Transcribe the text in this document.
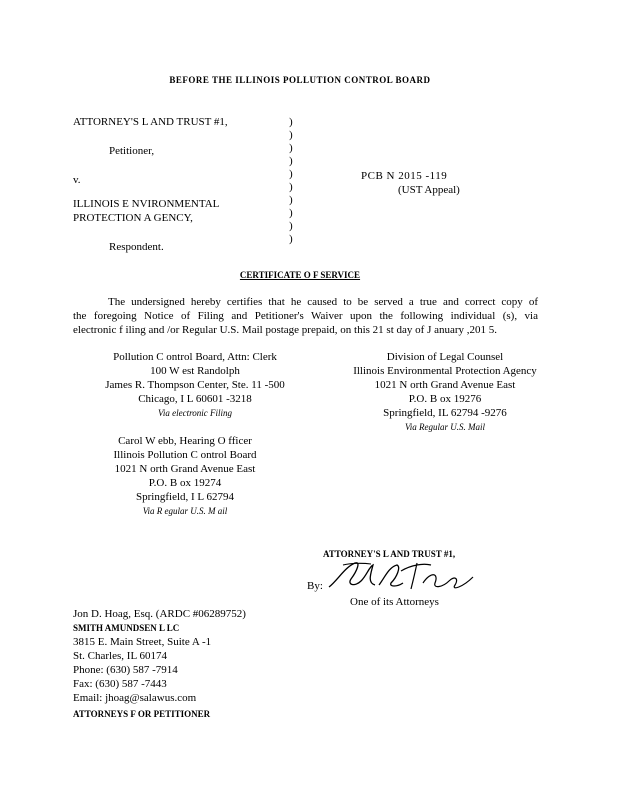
BEFORE THE ILLINOIS POLLUTION CONTROL BOARD
ATTORNEY'S L AND TRUST #1,
Petitioner,
v.
ILLINOIS E NVIRONMENTAL
PROTECTION A GENCY,
Respondent.
)
)
)
)
)
)
)
)
)
)
PCB N 2015 -119
(UST Appeal)
CERTIFICATE O F SERVICE
The undersigned hereby certifies that he caused to be served a true and correct copy of
the foregoing Notice of Filing and Petitioner's Waiver upon the following individual (s), via
electronic f iling and /or Regular U.S. Mail postage prepaid, on this 21 st day of J anuary ,201 5.
Pollution C ontrol Board, Attn: Clerk
100 W est Randolph
James R. Thompson Center, Ste. 11 -500
Chicago, I L 60601 -3218
Via electronic Filing
Division of Legal Counsel
Illinois Environmental Protection Agency
1021 N orth Grand Avenue East
P.O. B ox 19276
Springfield, IL 62794 -9276
Via Regular U.S. Mail
Carol W ebb, Hearing O fficer
Illinois Pollution C ontrol Board
1021 N orth Grand Avenue East
P.O. B ox 19274
Springfield, I L 62794
Via R egular U.S. M ail
ATTORNEY'S L AND TRUST #1,
By:
One of its Attorneys
Jon D. Hoag, Esq. (ARDC #06289752)
SMITH AMUNDSEN L LC
3815 E. Main Street, Suite A -1
St. Charles, IL 60174
Phone: (630) 587 -7914
Fax: (630) 587 -7443
Email: jhoag@salawus.com
ATTORNEYS F OR PETITIONER
